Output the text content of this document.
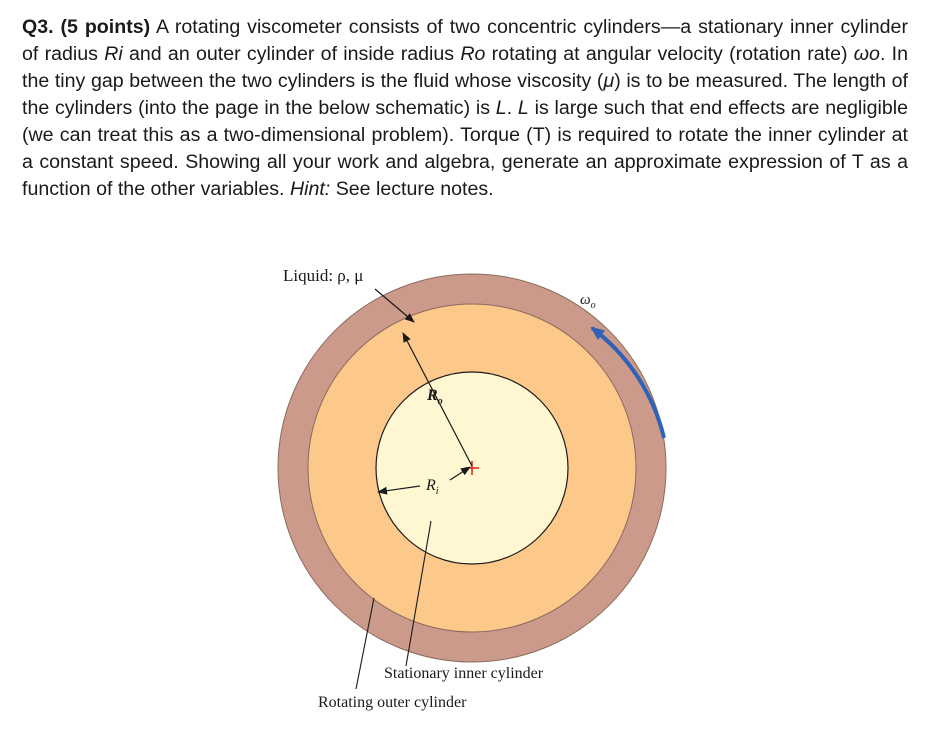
Q3. (5 points) A rotating viscometer consists of two concentric cylinders—a stationary inner cylinder of radius Ri and an outer cylinder of inside radius Ro rotating at angular velocity (rotation rate) ωo. In the tiny gap between the two cylinders is the fluid whose viscosity (μ) is to be measured. The length of the cylinders (into the page in the below schematic) is L. L is large such that end effects are negligible (we can treat this as a two-dimensional problem). Torque (T) is required to rotate the inner cylinder at a constant speed. Showing all your work and algebra, generate an approximate expression of T as a function of the other variables. Hint: See lecture notes.

Liquid: ρ, μ
$\omega_o$
$R_o$
$R_i$
Stationary inner cylinder
Rotating outer cylinder
